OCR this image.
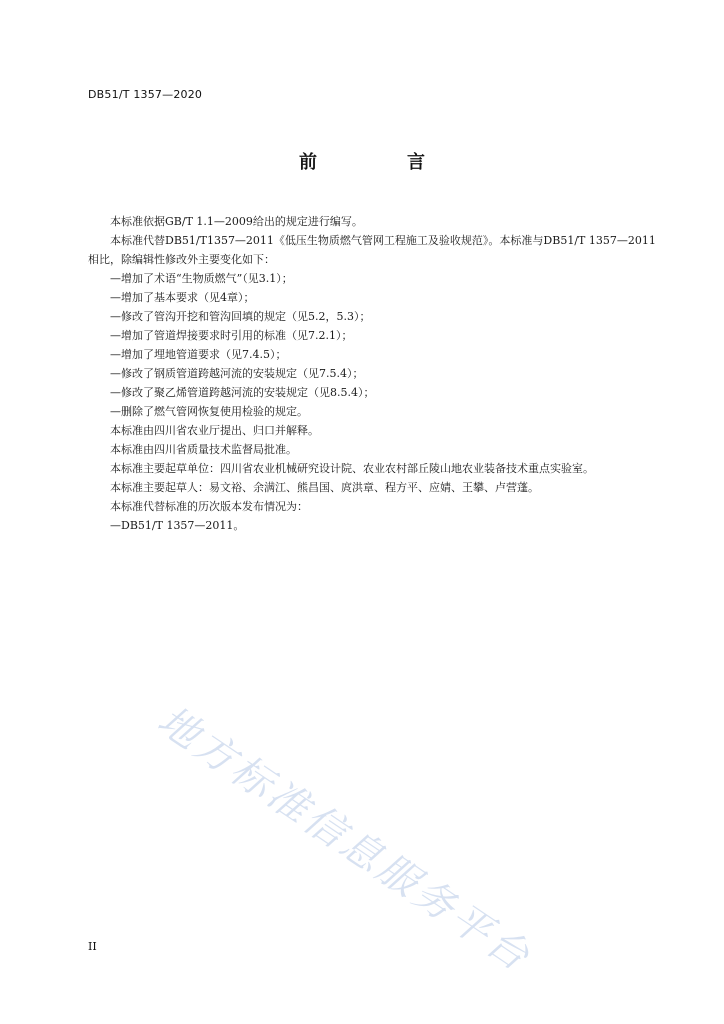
DB51/T 1357—2020
前　言

本标准依据GB/T 1.1—2009给出的规定进行编写。

本标准代替DB51/T1357—2011《低压生物质燃气管网工程施工及验收规范》。本标准与DB51/T 1357—2011相比，除编辑性修改外主要变化如下：

—增加了术语“生物质燃气”（见3.1）；

—增加了基本要求（见4章）；

—修改了管沟开挖和管沟回填的规定（见5.2，5.3）；

—增加了管道焊接要求时引用的标准（见7.2.1）；

—增加了埋地管道要求（见7.4.5）；

—修改了钢质管道跨越河流的安装规定（见7.5.4）；

—修改了聚乙烯管道跨越河流的安装规定（见8.5.4）；

—删除了燃气管网恢复使用检验的规定。

本标准由四川省农业厅提出、归口并解释。

本标准由四川省质量技术监督局批准。

本标准主要起草单位：四川省农业机械研究设计院、农业农村部丘陵山地农业装备技术重点实验室。

本标准主要起草人：易文裕、余满江、熊昌国、庹洪章、程方平、应婧、王攀、卢营蓬。

本标准代替标准的历次版本发布情况为：

—DB51/T 1357—2011。

地方标准信息服务平台
II
